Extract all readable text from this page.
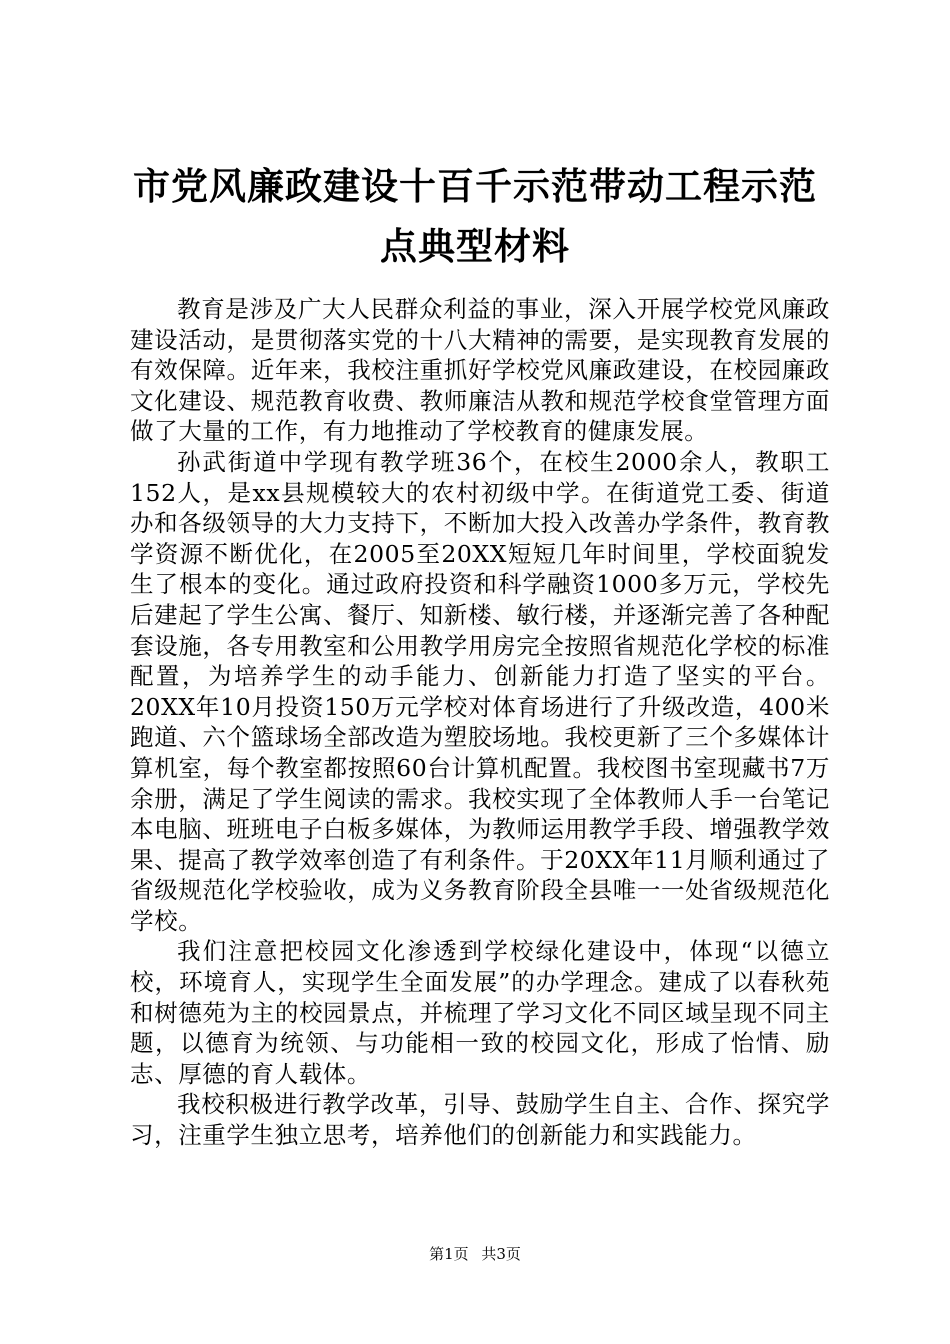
市党风廉政建设十百千示范带动工程示范点典型材料

教育是涉及广大人民群众利益的事业，深入开展学校党风廉政建设活动，是贯彻落实党的十八大精神的需要，是实现教育发展的有效保障。近年来，我校注重抓好学校党风廉政建设，在校园廉政文化建设、规范教育收费、教师廉洁从教和规范学校食堂管理方面做了大量的工作，有力地推动了学校教育的健康发展。

孙武街道中学现有教学班36个，在校生2000余人，教职工152人，是xx县规模较大的农村初级中学。在街道党工委、街道办和各级领导的大力支持下，不断加大投入改善办学条件，教育教学资源不断优化，在2005至20XX短短几年时间里，学校面貌发生了根本的变化。通过政府投资和科学融资1000多万元，学校先后建起了学生公寓、餐厅、知新楼、敏行楼，并逐渐完善了各种配套设施，各专用教室和公用教学用房完全按照省规范化学校的标准配置，为培养学生的动手能力、创新能力打造了坚实的平台。20XX年10月投资150万元学校对体育场进行了升级改造，400米跑道、六个篮球场全部改造为塑胶场地。我校更新了三个多媒体计算机室，每个教室都按照60台计算机配置。我校图书室现藏书7万余册，满足了学生阅读的需求。我校实现了全体教师人手一台笔记本电脑、班班电子白板多媒体，为教师运用教学手段、增强教学效果、提高了教学效率创造了有利条件。于20XX年11月顺利通过了省级规范化学校验收，成为义务教育阶段全县唯一一处省级规范化学校。

我们注意把校园文化渗透到学校绿化建设中，体现“以德立校，环境育人，实现学生全面发展”的办学理念。建成了以春秋苑和树德苑为主的校园景点，并梳理了学习文化不同区域呈现不同主题，以德育为统领、与功能相一致的校园文化，形成了怡情、励志、厚德的育人载体。

我校积极进行教学改革，引导、鼓励学生自主、合作、探究学习，注重学生独立思考，培养他们的创新能力和实践能力。

第1页 共3页
